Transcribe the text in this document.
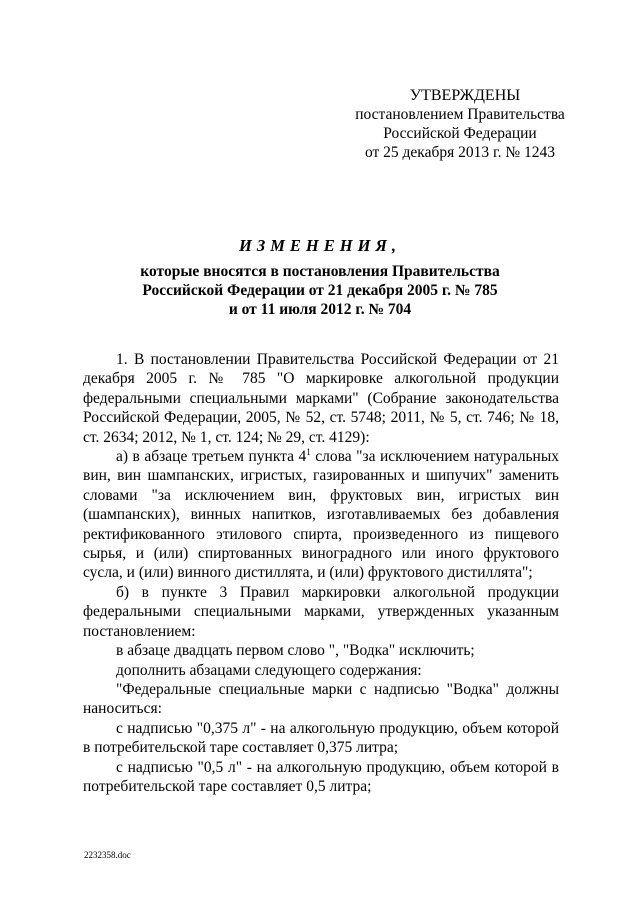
УТВЕРЖДЕНЫ
постановлением Правительства
Российской Федерации
от 25 декабря 2013 г. № 1243
ИЗМЕНЕНИЯ,
которые вносятся в постановления Правительства
Российской Федерации от 21 декабря 2005 г. № 785
и от 11 июля 2012 г. № 704

1. В постановлении Правительства Российской Федерации от 21 декабря 2005 г. № 785 "О маркировке алкогольной продукции федеральными специальными марками" (Собрание законодательства Российской Федерации, 2005, № 52, ст. 5748; 2011, № 5, ст. 746; № 18, ст. 2634; 2012, № 1, ст. 124; № 29, ст. 4129):

а) в абзаце третьем пункта $4^1$ слова "за исключением натуральных вин, вин шампанских, игристых, газированных и шипучих" заменить словами "за исключением вин, фруктовых вин, игристых вин (шампанских), винных напитков, изготавливаемых без добавления ректификованного этилового спирта, произведенного из пищевого сырья, и (или) спиртованных виноградного или иного фруктового сусла, и (или) винного дистиллята, и (или) фруктового дистиллята";

б) в пункте 3 Правил маркировки алкогольной продукции федеральными специальными марками, утвержденных указанным постановлением:

в абзаце двадцать первом слово ", "Водка" исключить;

дополнить абзацами следующего содержания:

"Федеральные специальные марки с надписью "Водка" должны наноситься:

с надписью "0,375 л" - на алкогольную продукцию, объем которой в потребительской таре составляет 0,375 литра;

с надписью "0,5 л" - на алкогольную продукцию, объем которой в потребительской таре составляет 0,5 литра;

2232358.doc
